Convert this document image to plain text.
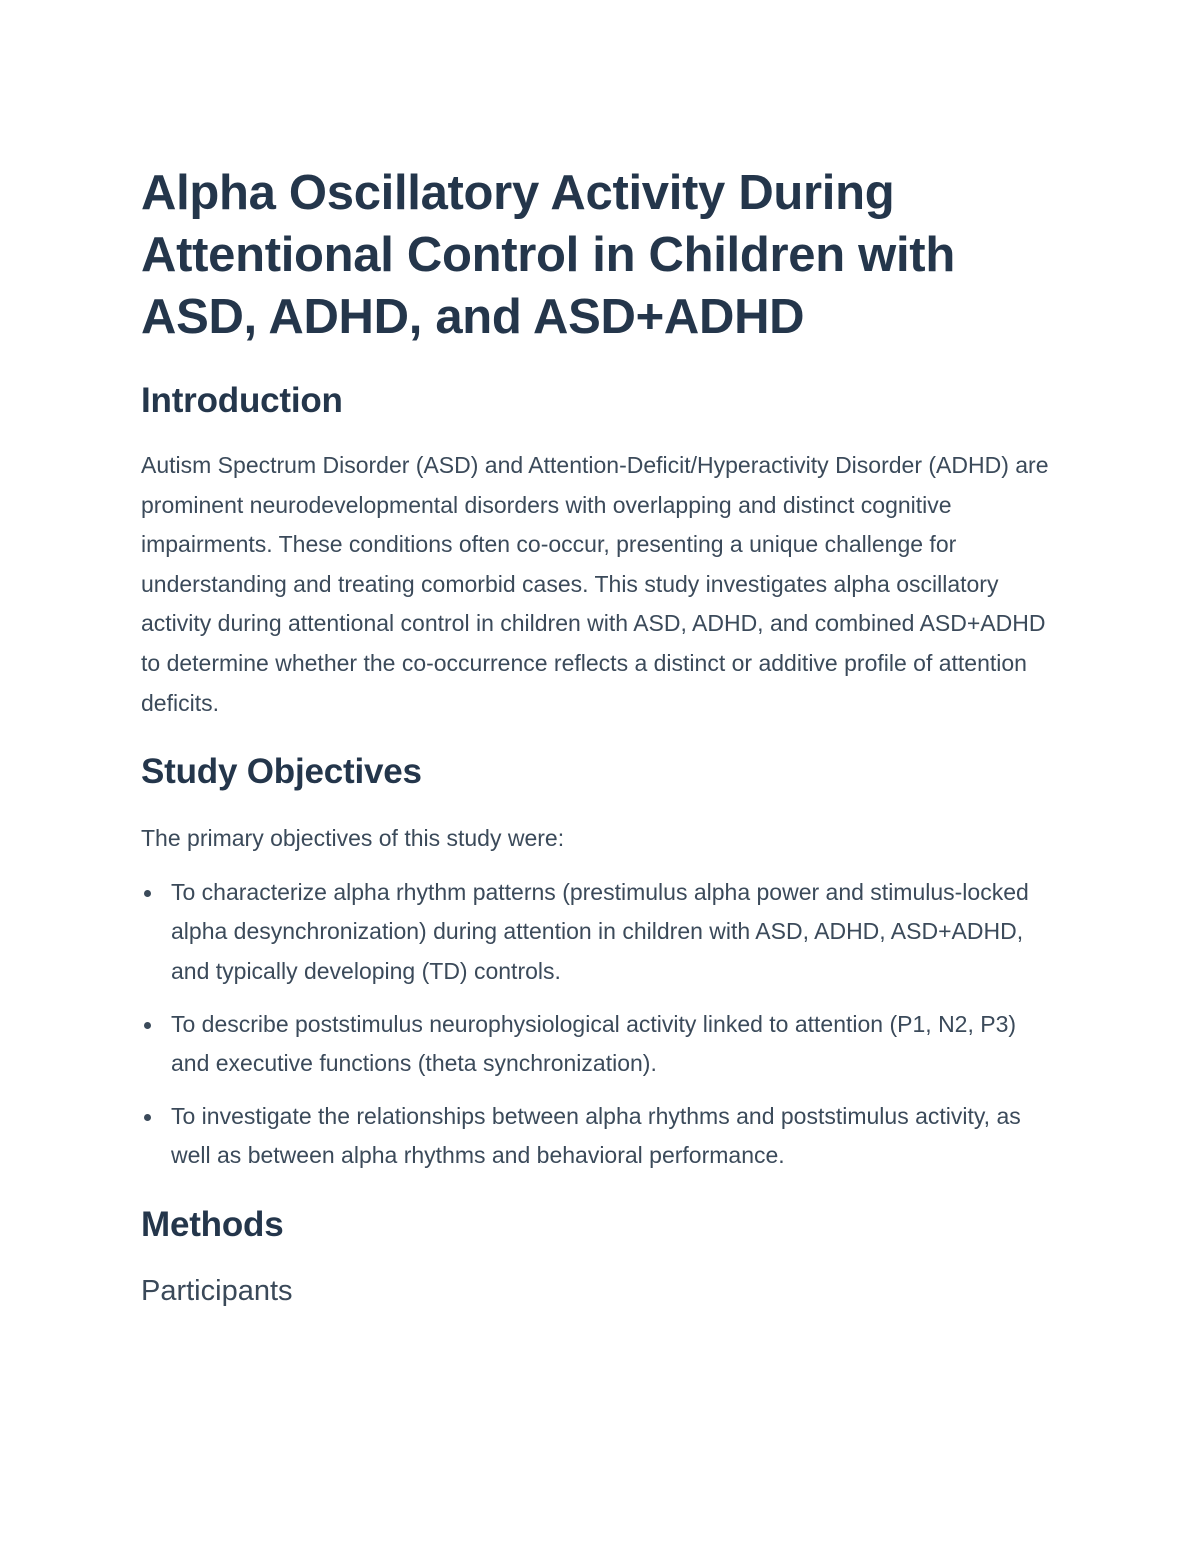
Alpha Oscillatory Activity During Attentional Control in Children with ASD, ADHD, and ASD+ADHD
Introduction

Autism Spectrum Disorder (ASD) and Attention-Deficit/Hyperactivity Disorder (ADHD) are prominent neurodevelopmental disorders with overlapping and distinct cognitive impairments. These conditions often co-occur, presenting a unique challenge for understanding and treating comorbid cases. This study investigates alpha oscillatory activity during attentional control in children with ASD, ADHD, and combined ASD+ADHD to determine whether the co-occurrence reflects a distinct or additive profile of attention deficits.

Study Objectives

The primary objectives of this study were:

To characterize alpha rhythm patterns (prestimulus alpha power and stimulus-locked alpha desynchronization) during attention in children with ASD, ADHD, ASD+ADHD, and typically developing (TD) controls.
To describe poststimulus neurophysiological activity linked to attention (P1, N2, P3) and executive functions (theta synchronization).
To investigate the relationships between alpha rhythms and poststimulus activity, as well as between alpha rhythms and behavioral performance.
Methods
Participants
